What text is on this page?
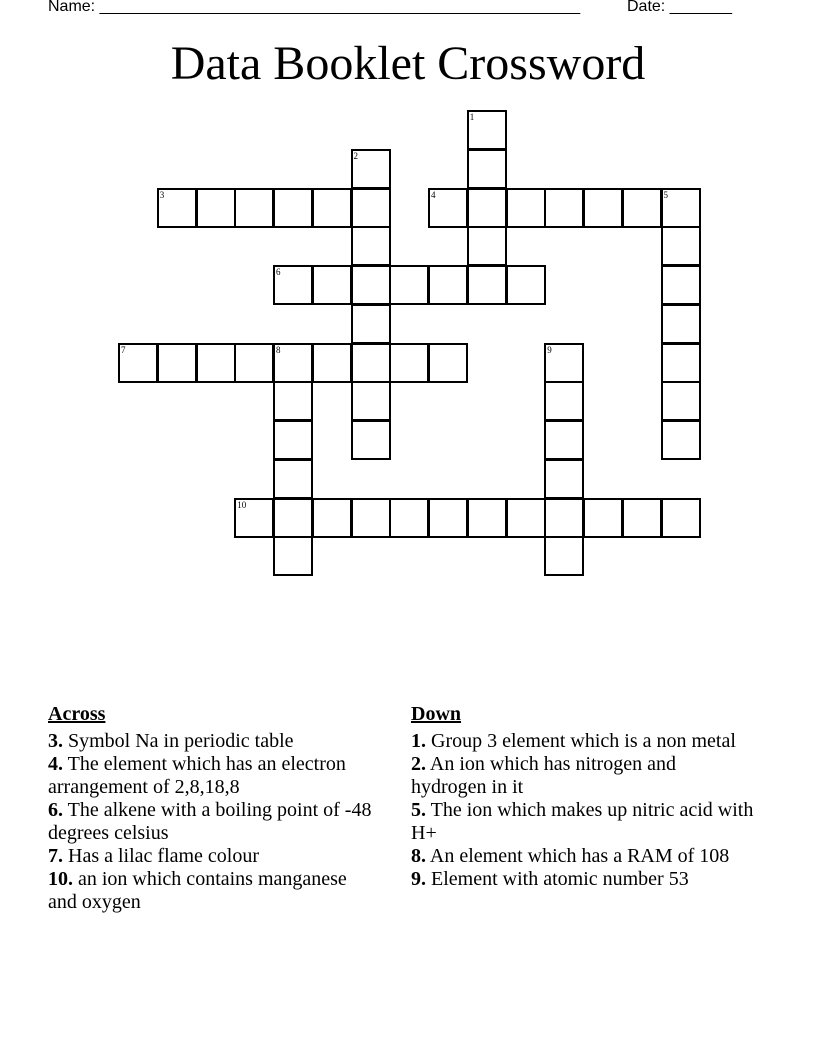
Name: ______________________________________________________	Date: _______
Data Booklet Crossword
1
2
3	4	5
6
7	8	9
10
Across
3. Symbol Na in periodic table
4. The element which has an electron arrangement of 2,8,18,8
6. The alkene with a boiling point of -48 degrees celsius
7. Has a lilac flame colour
10. an ion which contains manganese and oxygen
Down
1. Group 3 element which is a non metal
2. An ion which has nitrogen and hydrogen in it
5. The ion which makes up nitric acid with H+
8. An element which has a RAM of 108
9. Element with atomic number 53
